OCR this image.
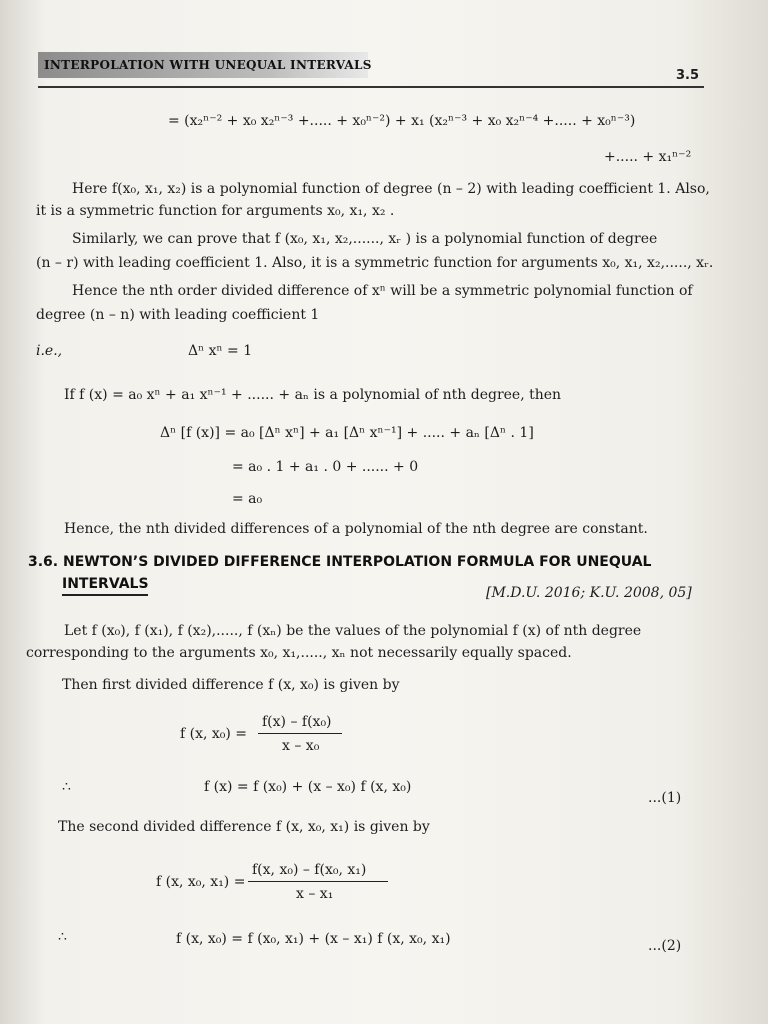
INTERPOLATION WITH UNEQUAL INTERVALS
3.5
= (x₂ⁿ⁻² + x₀ x₂ⁿ⁻³ +..... + x₀ⁿ⁻²) + x₁ (x₂ⁿ⁻³ + x₀ x₂ⁿ⁻⁴ +..... + x₀ⁿ⁻³)
+..... + x₁ⁿ⁻²
Here f(x₀, x₁, x₂) is a polynomial function of degree (n – 2) with leading coefficient 1. Also,
it is a symmetric function for arguments x₀, x₁, x₂ .
Similarly, we can prove that f (x₀, x₁, x₂,......, xᵣ ) is a polynomial function of degree
(n – r) with leading coefficient 1. Also, it is a symmetric function for arguments x₀, x₁, x₂,....., xᵣ.
Hence the nth order divided difference of xⁿ will be a symmetric polynomial function of
degree (n – n) with leading coefficient 1
i.e.,	Δⁿ xⁿ = 1
If f (x) = a₀ xⁿ + a₁ xⁿ⁻¹ + ...... + aₙ is a polynomial of nth degree, then
Δⁿ [f (x)] = a₀ [Δⁿ xⁿ] + a₁ [Δⁿ xⁿ⁻¹] + ..... + aₙ [Δⁿ . 1]
= a₀ . 1 + a₁ . 0 + ...... + 0
= a₀
Hence, the nth divided differences of a polynomial of the nth degree are constant.
3.6. NEWTON’S DIVIDED DIFFERENCE INTERPOLATION FORMULA FOR UNEQUAL
INTERVALS
[M.D.U. 2016; K.U. 2008, 05]
Let f (x₀), f (x₁), f (x₂),....., f (xₙ) be the values of the polynomial f (x) of nth degree
corresponding to the arguments x₀, x₁,....., xₙ not necessarily equally spaced.
Then first divided difference f (x, x₀) is given by
f (x, x₀) =
f(x) – f(x₀)
x – x₀
∴	f (x) = f (x₀) + (x – x₀) f (x, x₀)
...(1)
The second divided difference f (x, x₀, x₁) is given by
f (x, x₀, x₁) =
f(x, x₀) – f(x₀, x₁)
x – x₁
∴	f (x, x₀) = f (x₀, x₁) + (x – x₁) f (x, x₀, x₁)	...(2)
